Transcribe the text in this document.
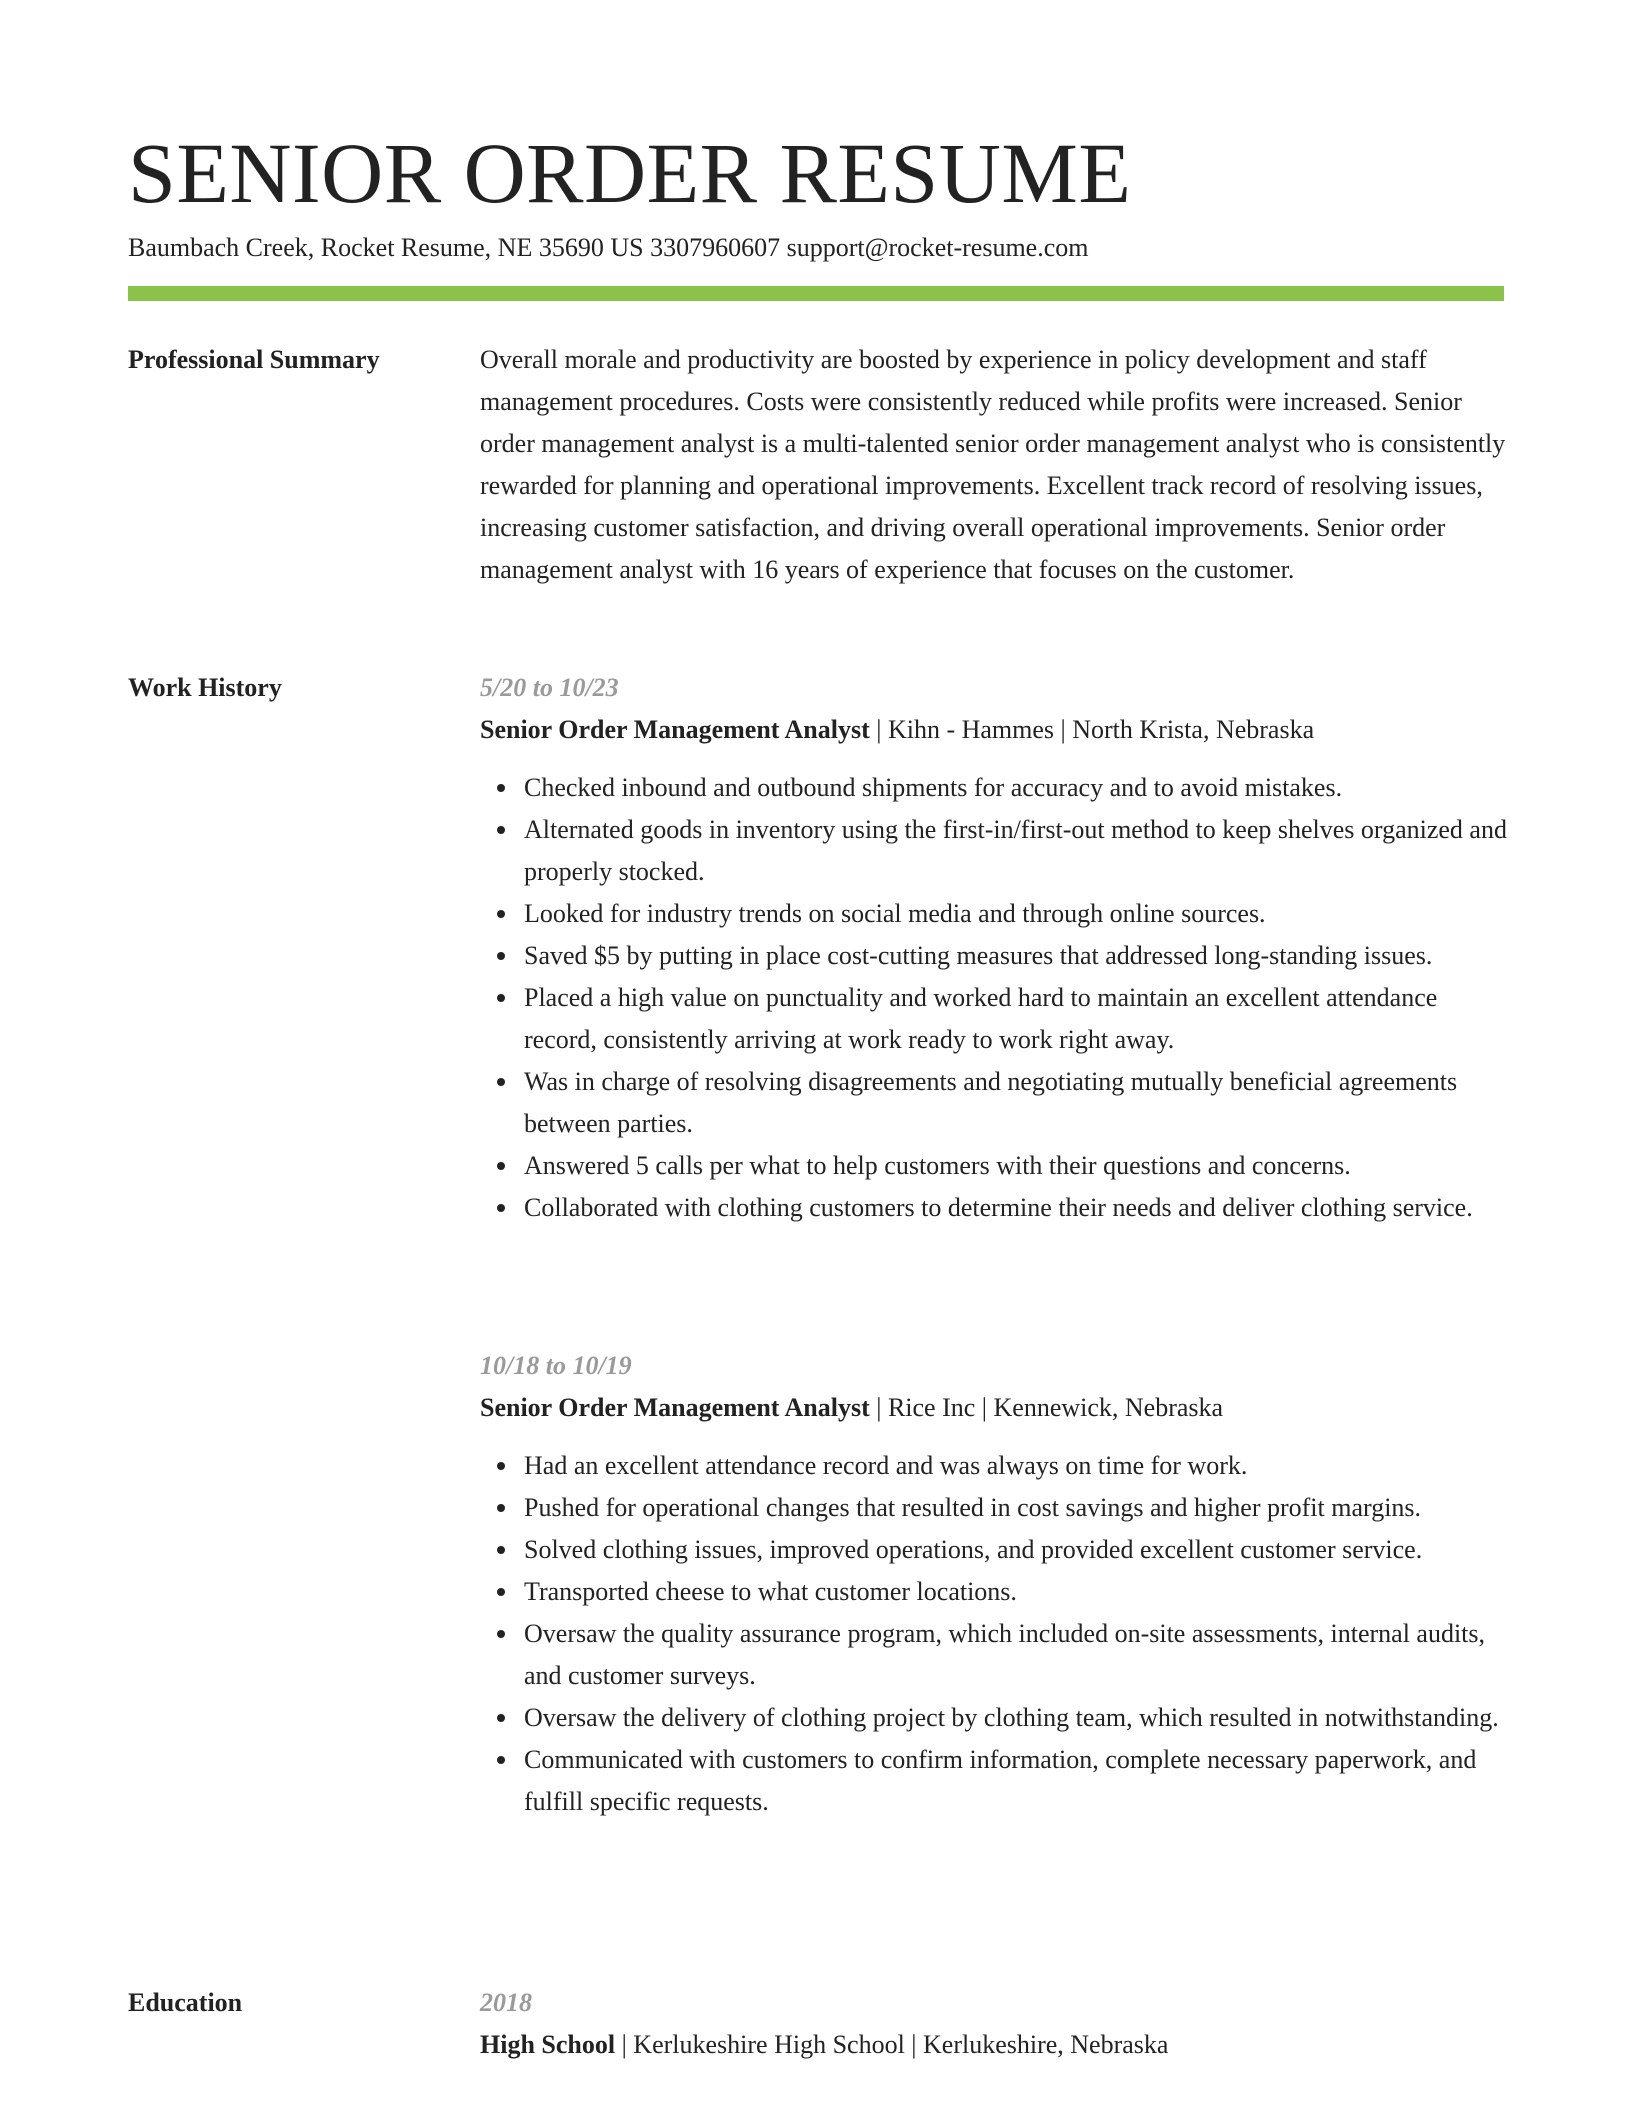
SENIOR ORDER RESUME
Baumbach Creek, Rocket Resume, NE 35690 US 3307960607 support@rocket-resume.com
Professional Summary	Overall morale and productivity are boosted by experience in policy development and staff management procedures. Costs were consistently reduced while profits were increased. Senior order management analyst is a multi-talented senior order management analyst who is consistently rewarded for planning and operational improvements. Excellent track record of resolving issues, increasing customer satisfaction, and driving overall operational improvements. Senior order management analyst with 16 years of experience that focuses on the customer.

Work History	5/20 to 10/23
Senior Order Management Analyst | Kihn - Hammes | North Krista, Nebraska
Checked inbound and outbound shipments for accuracy and to avoid mistakes.
Alternated goods in inventory using the first-in/first-out method to keep shelves organized and properly stocked.
Looked for industry trends on social media and through online sources.
Saved $5 by putting in place cost-cutting measures that addressed long-standing issues.
Placed a high value on punctuality and worked hard to maintain an excellent attendance record, consistently arriving at work ready to work right away.
Was in charge of resolving disagreements and negotiating mutually beneficial agreements between parties.
Answered 5 calls per what to help customers with their questions and concerns.
Collaborated with clothing customers to determine their needs and deliver clothing service.
10/18 to 10/19
Senior Order Management Analyst | Rice Inc | Kennewick, Nebraska
Had an excellent attendance record and was always on time for work.
Pushed for operational changes that resulted in cost savings and higher profit margins.
Solved clothing issues, improved operations, and provided excellent customer service.
Transported cheese to what customer locations.
Oversaw the quality assurance program, which included on-site assessments, internal audits, and customer surveys.
Oversaw the delivery of clothing project by clothing team, which resulted in notwithstanding.
Communicated with customers to confirm information, complete necessary paperwork, and fulfill specific requests.
Education	2018
High School | Kerlukeshire High School | Kerlukeshire, Nebraska
